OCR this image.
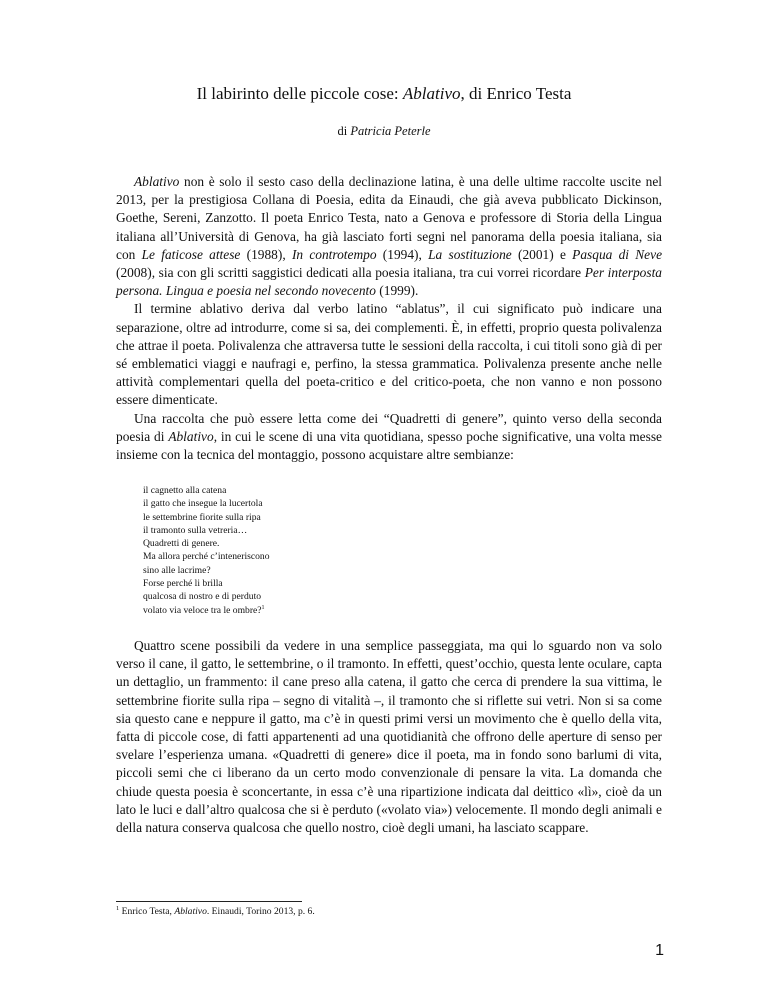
Il labirinto delle piccole cose: Ablativo, di Enrico Testa
di Patricia Peterle

Ablativo non è solo il sesto caso della declinazione latina, è una delle ultime raccolte uscite nel 2013, per la prestigiosa Collana di Poesia, edita da Einaudi, che già aveva pubblicato Dickinson, Goethe, Sereni, Zanzotto. Il poeta Enrico Testa, nato a Genova e professore di Storia della Lingua italiana all’Università di Genova, ha già lasciato forti segni nel panorama della poesia italiana, sia con Le faticose attese (1988), In controtempo (1994), La sostituzione (2001) e Pasqua di Neve (2008), sia con gli scritti saggistici dedicati alla poesia italiana, tra cui vorrei ricordare Per interposta persona. Lingua e poesia nel secondo novecento (1999).

Il termine ablativo deriva dal verbo latino “ablatus”, il cui significato può indicare una separazione, oltre ad introdurre, come si sa, dei complementi. È, in effetti, proprio questa polivalenza che attrae il poeta. Polivalenza che attraversa tutte le sessioni della raccolta, i cui titoli sono già di per sé emblematici viaggi e naufragi e, perfino, la stessa grammatica. Polivalenza presente anche nelle attività complementari quella del poeta-critico e del critico-poeta, che non vanno e non possono essere dimenticate.

Una raccolta che può essere letta come dei “Quadretti di genere”, quinto verso della seconda poesia di Ablativo, in cui le scene di una vita quotidiana, spesso poche significative, una volta messe insieme con la tecnica del montaggio, possono acquistare altre sembianze:

il cagnetto alla catena
il gatto che insegue la lucertola
le settembrine fiorite sulla ripa
il tramonto sulla vetreria…
Quadretti di genere.
Ma allora perché c’inteneriscono
sino alle lacrime?
Forse perché li brilla
qualcosa di nostro e di perduto
volato via veloce tra le ombre?$^1$

Quattro scene possibili da vedere in una semplice passeggiata, ma qui lo sguardo non va solo verso il cane, il gatto, le settembrine, o il tramonto. In effetti, quest’occhio, questa lente oculare, capta un dettaglio, un frammento: il cane preso alla catena, il gatto che cerca di prendere la sua vittima, le settembrine fiorite sulla ripa – segno di vitalità –, il tramonto che si riflette sui vetri. Non si sa come sia questo cane e neppure il gatto, ma c’è in questi primi versi un movimento che è quello della vita, fatta di piccole cose, di fatti appartenenti ad una quotidianità che offrono delle aperture di senso per svelare l’esperienza umana. «Quadretti di genere» dice il poeta, ma in fondo sono barlumi di vita, piccoli semi che ci liberano da un certo modo convenzionale di pensare la vita. La domanda che chiude questa poesia è sconcertante, in essa c’è una ripartizione indicata dal deittico «lì», cioè da un lato le luci e dall’altro qualcosa che si è perduto («volato via») velocemente. Il mondo degli animali e della natura conserva qualcosa che quello nostro, cioè degli umani, ha lasciato scappare.

$^1$ Enrico Testa, Ablativo. Einaudi, Torino 2013, p. 6.
1
